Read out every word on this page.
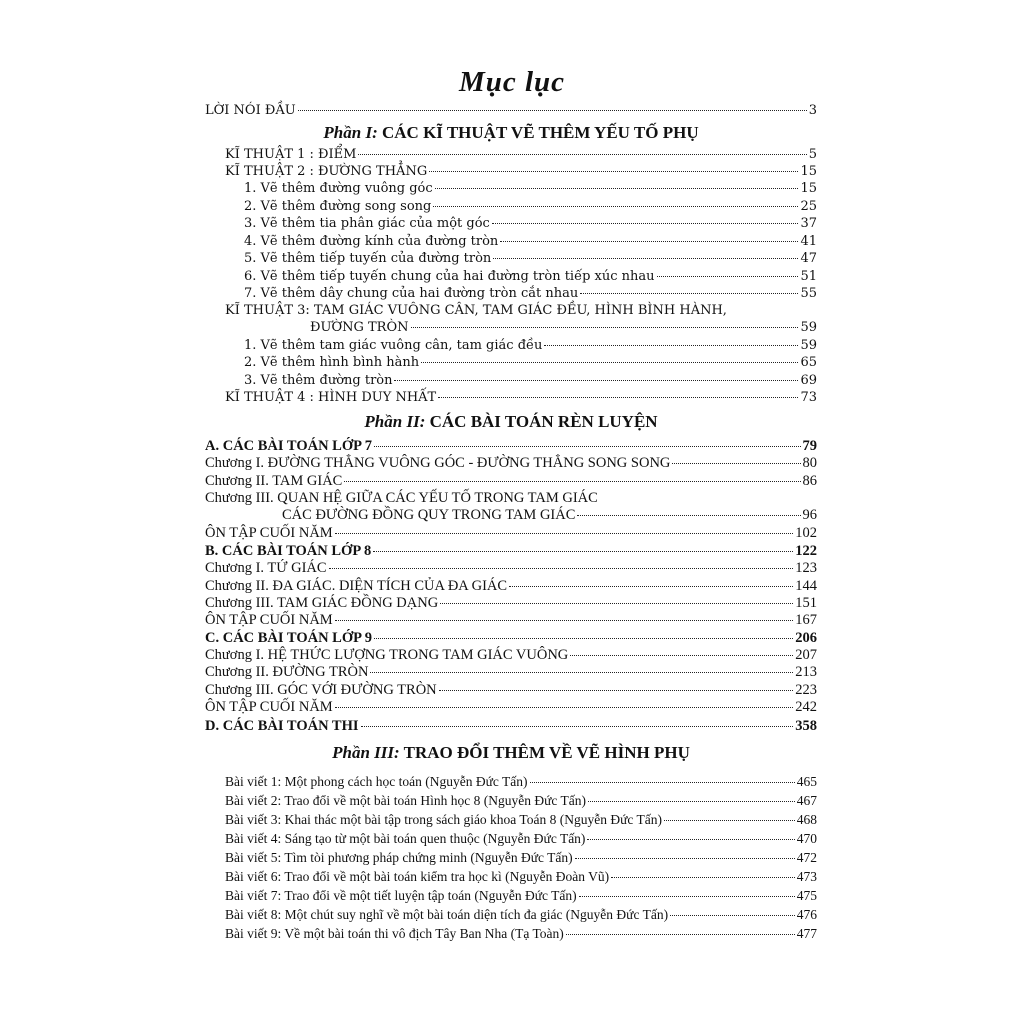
Mục lục
LỜI NÓI ĐẦU	3
Phần I: CÁC KĨ THUẬT VẼ THÊM YẾU TỐ PHỤ
KĨ THUẬT 1 : ĐIỂM	5
KĨ THUẬT 2 : ĐƯỜNG THẲNG	15
1. Vẽ thêm đường vuông góc	15
2. Vẽ thêm đường song song	25
3. Vẽ thêm tia phân giác của một góc	37
4. Vẽ thêm đường kính của đường tròn	41
5. Vẽ thêm tiếp tuyến của đường tròn	47
6. Vẽ thêm tiếp tuyến chung của hai đường tròn tiếp xúc nhau	51
7. Vẽ thêm dây chung của hai đường tròn cắt nhau	55
KĨ THUẬT 3: TAM GIÁC VUÔNG CÂN, TAM GIÁC ĐỀU, HÌNH BÌNH HÀNH,
ĐƯỜNG TRÒN	59
1. Vẽ thêm tam giác vuông cân, tam giác đều	59
2. Vẽ thêm hình bình hành	65
3. Vẽ thêm đường tròn	69
KĨ THUẬT 4 : HÌNH DUY NHẤT	73
Phần II: CÁC BÀI TOÁN RÈN LUYỆN
A. CÁC BÀI TOÁN LỚP 7	79
Chương I. ĐƯỜNG THẲNG VUÔNG GÓC - ĐƯỜNG THẲNG SONG SONG	80
Chương II. TAM GIÁC	86
Chương III. QUAN HỆ GIỮA CÁC YẾU TỐ TRONG TAM GIÁC
CÁC ĐƯỜNG ĐỒNG QUY TRONG TAM GIÁC	96
ÔN TẬP CUỐI NĂM	102
B. CÁC BÀI TOÁN LỚP 8	122
Chương I. TỨ GIÁC	123
Chương II. ĐA GIÁC. DIỆN TÍCH CỦA ĐA GIÁC	144
Chương III. TAM GIÁC ĐỒNG DẠNG	151
ÔN TẬP CUỐI NĂM	167
C. CÁC BÀI TOÁN LỚP 9	206
Chương I. HỆ THỨC LƯỢNG TRONG TAM GIÁC VUÔNG	207
Chương II. ĐƯỜNG TRÒN	213
Chương III. GÓC VỚI ĐƯỜNG TRÒN	223
ÔN TẬP CUỐI NĂM	242
D. CÁC BÀI TOÁN THI	358
Phần III: TRAO ĐỔI THÊM VỀ VẼ HÌNH PHỤ
Bài viết 1: Một phong cách học toán (Nguyễn Đức Tấn)	465
Bài viết 2: Trao đổi về một bài toán Hình học 8 (Nguyễn Đức Tấn)	467
Bài viết 3: Khai thác một bài tập trong sách giáo khoa Toán 8 (Nguyễn Đức Tấn)	468
Bài viết 4: Sáng tạo từ một bài toán quen thuộc (Nguyễn Đức Tấn)	470
Bài viết 5: Tìm tòi phương pháp chứng minh (Nguyễn Đức Tấn)	472
Bài viết 6: Trao đổi về một bài toán kiểm tra học kì (Nguyễn Đoàn Vũ)	473
Bài viết 7: Trao đổi về một tiết luyện tập toán (Nguyễn Đức Tấn)	475
Bài viết 8: Một chút suy nghĩ về một bài toán diện tích đa giác (Nguyễn Đức Tấn)	476
Bài viết 9: Về một bài toán thi vô địch Tây Ban Nha (Tạ Toàn)	477
